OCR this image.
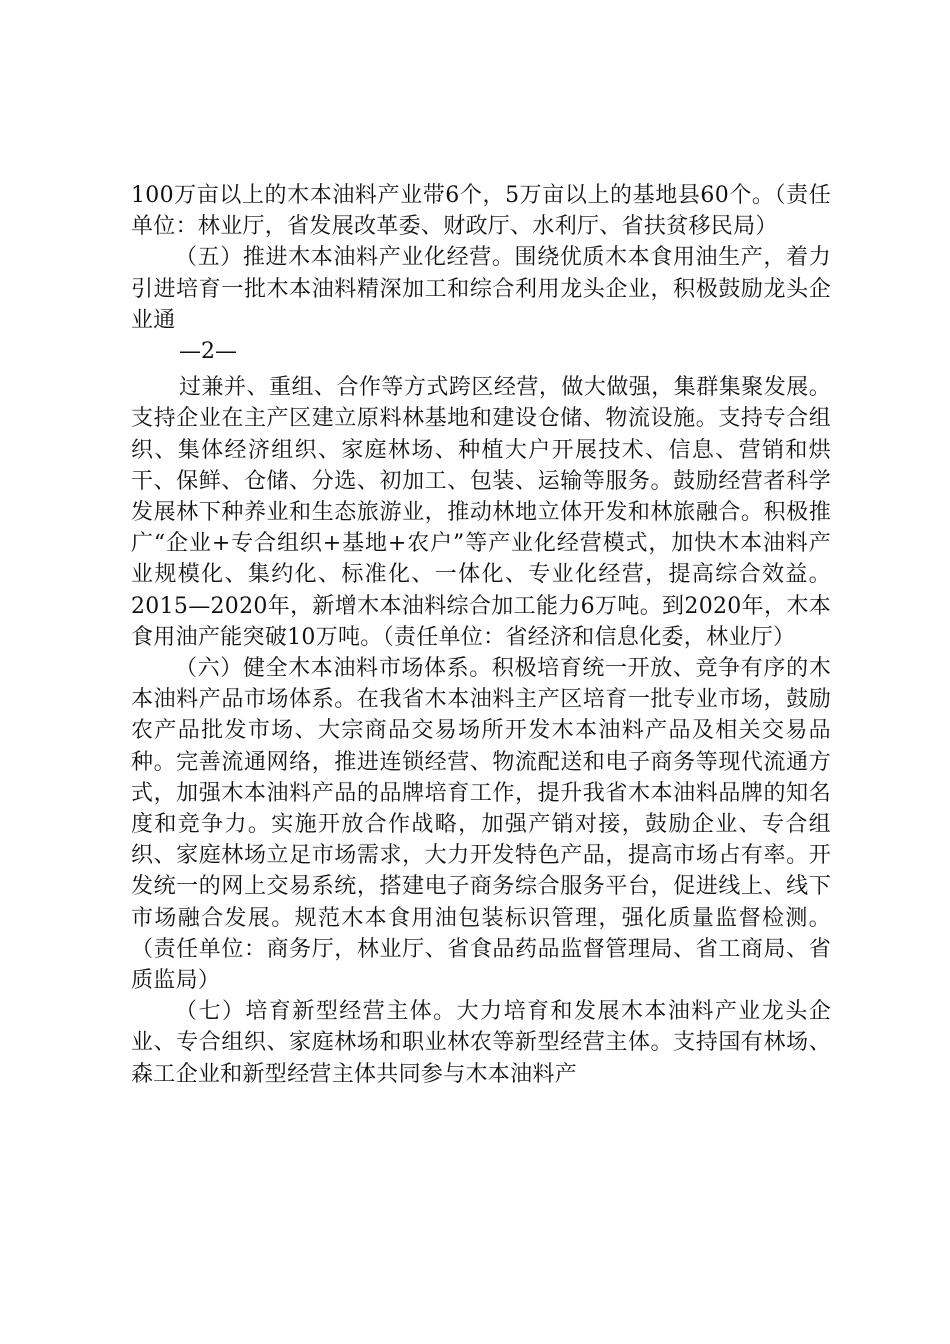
100万亩以上的木本油料产业带6个，5万亩以上的基地县60个。（责任单位：林业厅，省发展改革委、财政厅、水利厅、省扶贫移民局）

（五）推进木本油料产业化经营。围绕优质木本食用油生产，着力引进培育一批木本油料精深加工和综合利用龙头企业，积极鼓励龙头企业通

—2—

过兼并、重组、合作等方式跨区经营，做大做强，集群集聚发展。支持企业在主产区建立原料林基地和建设仓储、物流设施。支持专合组织、集体经济组织、家庭林场、种植大户开展技术、信息、营销和烘干、保鲜、仓储、分选、初加工、包装、运输等服务。鼓励经营者科学发展林下种养业和生态旅游业，推动林地立体开发和林旅融合。积极推广“企业+专合组织+基地+农户”等产业化经营模式，加快木本油料产业规模化、集约化、标准化、一体化、专业化经营，提高综合效益。2015—2020年，新增木本油料综合加工能力6万吨。到2020年，木本食用油产能突破10万吨。（责任单位：省经济和信息化委，林业厅）

（六）健全木本油料市场体系。积极培育统一开放、竞争有序的木本油料产品市场体系。在我省木本油料主产区培育一批专业市场，鼓励农产品批发市场、大宗商品交易场所开发木本油料产品及相关交易品种。完善流通网络，推进连锁经营、物流配送和电子商务等现代流通方式，加强木本油料产品的品牌培育工作，提升我省木本油料品牌的知名度和竞争力。实施开放合作战略，加强产销对接，鼓励企业、专合组织、家庭林场立足市场需求，大力开发特色产品，提高市场占有率。开发统一的网上交易系统，搭建电子商务综合服务平台，促进线上、线下市场融合发展。规范木本食用油包装标识管理，强化质量监督检测。（责任单位：商务厅，林业厅、省食品药品监督管理局、省工商局、省质监局）

（七）培育新型经营主体。大力培育和发展木本油料产业龙头企业、专合组织、家庭林场和职业林农等新型经营主体。支持国有林场、森工企业和新型经营主体共同参与木本油料产
